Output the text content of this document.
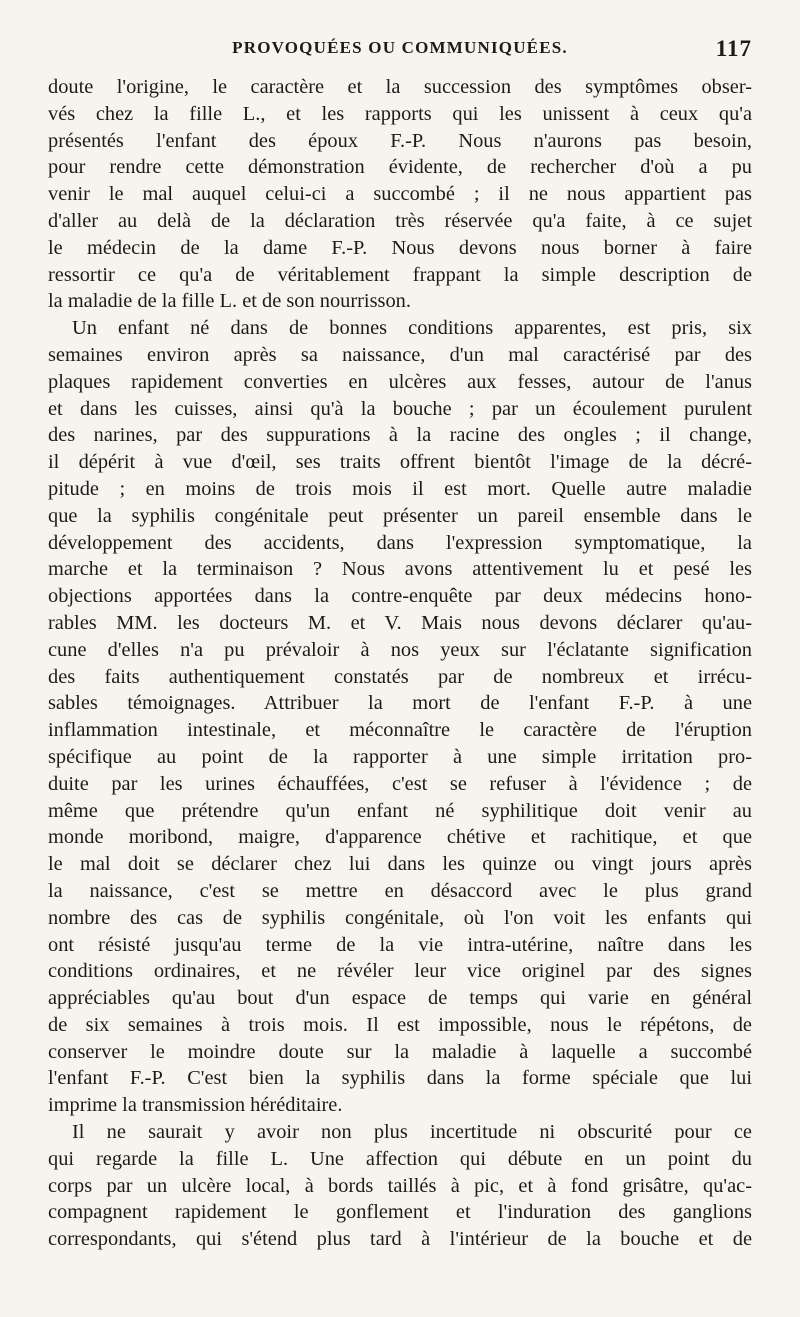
PROVOQUÉES OU COMMUNIQUÉES.	117
doute l'origine, le caractère et la succession des symptômes obser-
vés chez la fille L., et les rapports qui les unissent à ceux qu'a
présentés l'enfant des époux F.-P. Nous n'aurons pas besoin,
pour rendre cette démonstration évidente, de rechercher d'où a pu
venir le mal auquel celui-ci a succombé ; il ne nous appartient pas
d'aller au delà de la déclaration très réservée qu'a faite, à ce sujet
le médecin de la dame F.-P. Nous devons nous borner à faire
ressortir ce qu'a de véritablement frappant la simple description de
la maladie de la fille L. et de son nourrisson.
Un enfant né dans de bonnes conditions apparentes, est pris, six
semaines environ après sa naissance, d'un mal caractérisé par des
plaques rapidement converties en ulcères aux fesses, autour de l'anus
et dans les cuisses, ainsi qu'à la bouche ; par un écoulement purulent
des narines, par des suppurations à la racine des ongles ; il change,
il dépérit à vue d'œil, ses traits offrent bientôt l'image de la décré-
pitude ; en moins de trois mois il est mort. Quelle autre maladie
que la syphilis congénitale peut présenter un pareil ensemble dans le
développement des accidents, dans l'expression symptomatique, la
marche et la terminaison ? Nous avons attentivement lu et pesé les
objections apportées dans la contre-enquête par deux médecins hono-
rables MM. les docteurs M. et V. Mais nous devons déclarer qu'au-
cune d'elles n'a pu prévaloir à nos yeux sur l'éclatante signification
des faits authentiquement constatés par de nombreux et irrécu-
sables témoignages. Attribuer la mort de l'enfant F.-P. à une
inflammation intestinale, et méconnaître le caractère de l'éruption
spécifique au point de la rapporter à une simple irritation pro-
duite par les urines échauffées, c'est se refuser à l'évidence ; de
même que prétendre qu'un enfant né syphilitique doit venir au
monde moribond, maigre, d'apparence chétive et rachitique, et que
le mal doit se déclarer chez lui dans les quinze ou vingt jours après
la naissance, c'est se mettre en désaccord avec le plus grand
nombre des cas de syphilis congénitale, où l'on voit les enfants qui
ont résisté jusqu'au terme de la vie intra-utérine, naître dans les
conditions ordinaires, et ne révéler leur vice originel par des signes
appréciables qu'au bout d'un espace de temps qui varie en général
de six semaines à trois mois. Il est impossible, nous le répétons, de
conserver le moindre doute sur la maladie à laquelle a succombé
l'enfant F.-P. C'est bien la syphilis dans la forme spéciale que lui
imprime la transmission héréditaire.
Il ne saurait y avoir non plus incertitude ni obscurité pour ce
qui regarde la fille L. Une affection qui débute en un point du
corps par un ulcère local, à bords taillés à pic, et à fond grisâtre, qu'ac-
compagnent rapidement le gonflement et l'induration des ganglions
correspondants, qui s'étend plus tard à l'intérieur de la bouche et de
